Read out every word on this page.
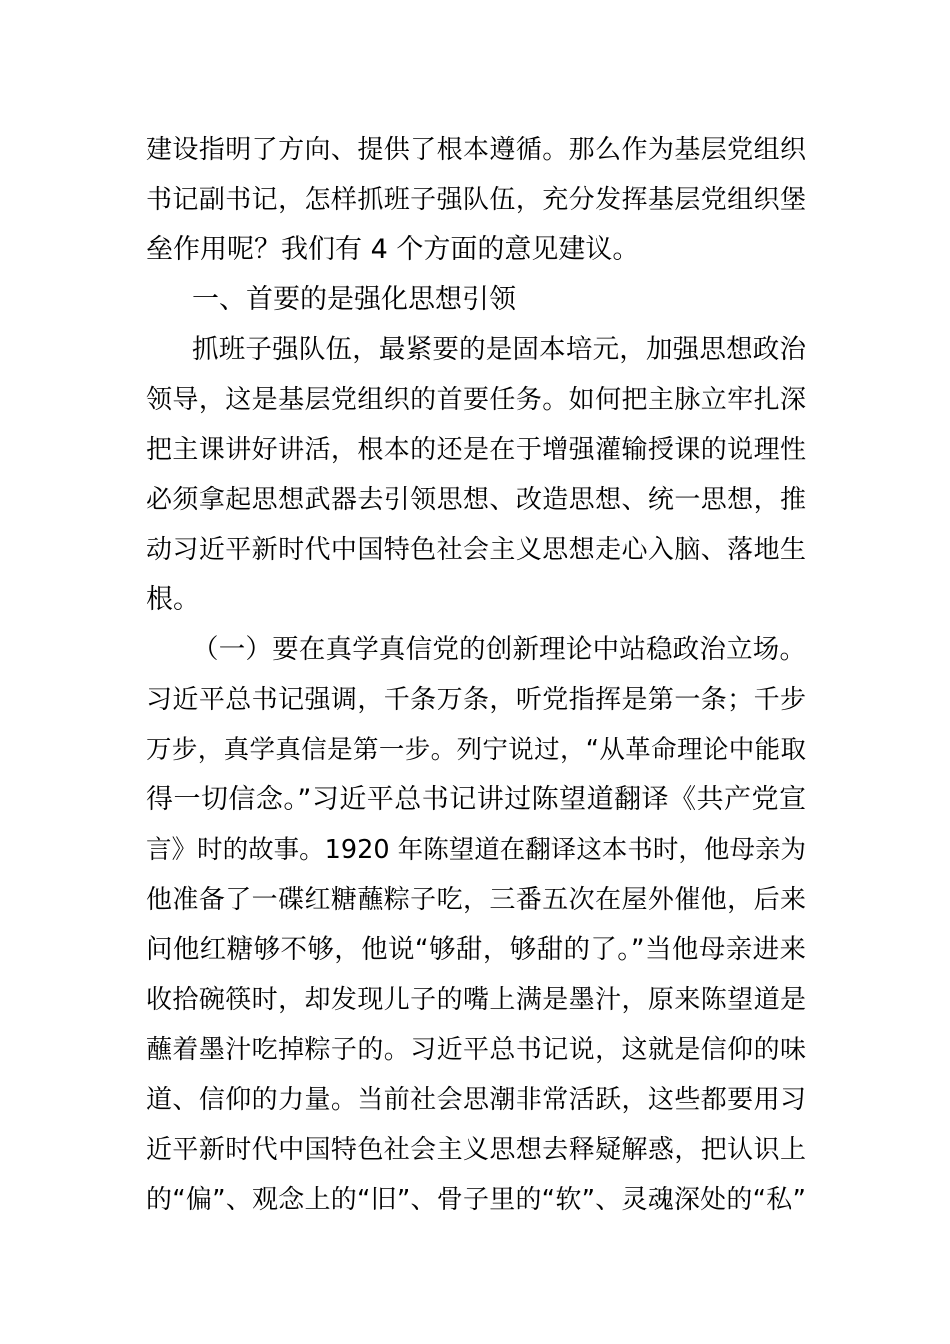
建设指明了方向、提供了根本遵循。那么作为基层党组织
书记副书记，怎样抓班子强队伍，充分发挥基层党组织堡
垒作用呢？我们有 4 个方面的意见建议。
一、首要的是强化思想引领
抓班子强队伍，最紧要的是固本培元，加强思想政治
领导，这是基层党组织的首要任务。如何把主脉立牢扎深
把主课讲好讲活，根本的还是在于增强灌输授课的说理性
必须拿起思想武器去引领思想、改造思想、统一思想，推
动习近平新时代中国特色社会主义思想走心入脑、落地生
根。
（一）要在真学真信党的创新理论中站稳政治立场。
习近平总书记强调，千条万条，听党指挥是第一条；千步
万步，真学真信是第一步。列宁说过，“从革命理论中能取
得一切信念。”习近平总书记讲过陈望道翻译《共产党宣
言》时的故事。1920 年陈望道在翻译这本书时，他母亲为
他准备了一碟红糖蘸粽子吃，三番五次在屋外催他，后来
问他红糖够不够，他说“够甜，够甜的了。”当他母亲进来
收拾碗筷时，却发现儿子的嘴上满是墨汁，原来陈望道是
蘸着墨汁吃掉粽子的。习近平总书记说，这就是信仰的味
道、信仰的力量。当前社会思潮非常活跃，这些都要用习
近平新时代中国特色社会主义思想去释疑解惑，把认识上
的“偏”、观念上的“旧”、骨子里的“软”、灵魂深处的“私”
